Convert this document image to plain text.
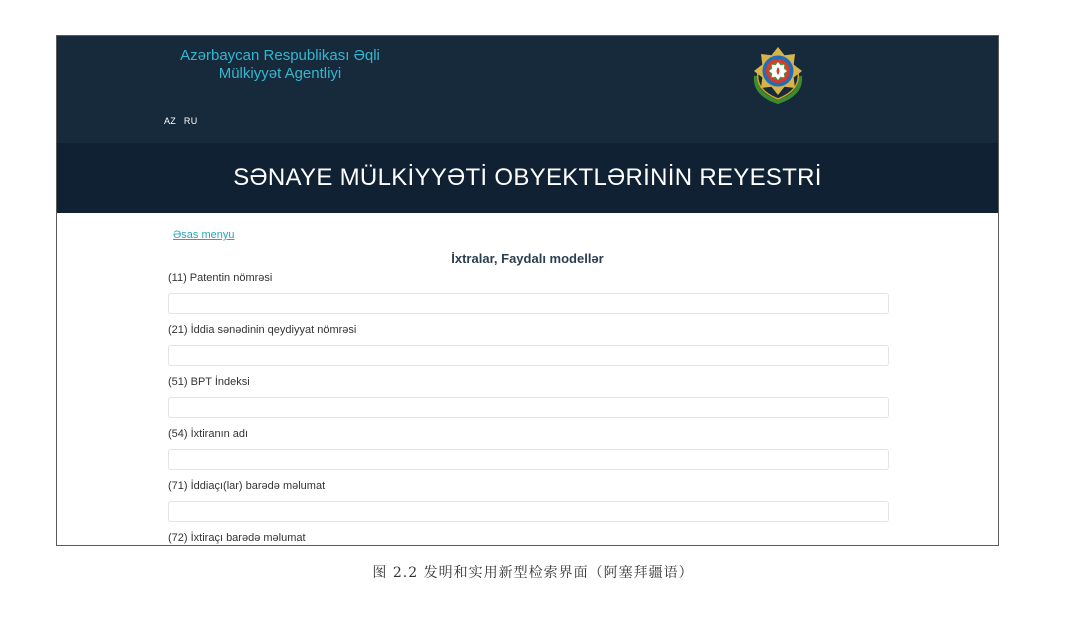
Azərbaycan Respublikası Əqli
Mülkiyyət Agentliyi
AZ RU
SƏNAYE MÜLKİYYƏTİ OBYEKTLƏRİNİN REYESTRİ
Əsas menyu
İxtralar, Faydalı modellər
(11) Patentin nömrəsi
(21) İddia sənədinin qeydiyyat nömrəsi
(51) BPT İndeksi
(54) İxtiranın adı
(71) İddiaçı(lar) barədə məlumat
(72) İxtiraçı barədə məlumat
图 2.2 发明和实用新型检索界面（阿塞拜疆语）
